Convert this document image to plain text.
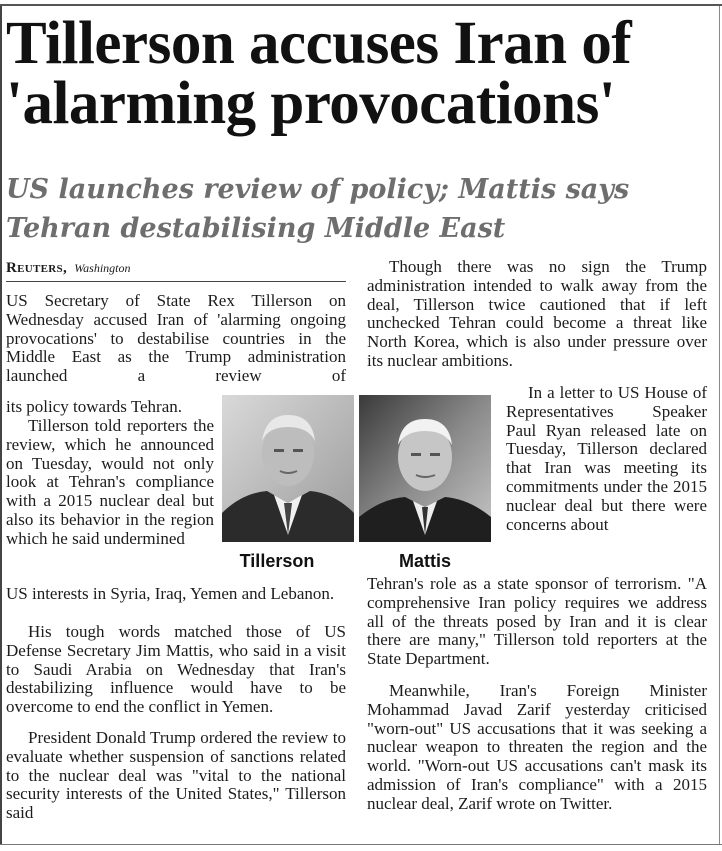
Tillerson accuses Iran of 'alarming provocations'
US launches review of policy; Mattis says Tehran destabilising Middle East
Reuters, Washington

US Secretary of State Rex Tillerson on Wednesday accused Iran of 'alarming ongoing provocations' to destabilise countries in the Middle East as the Trump administration launched a review of

its policy towards Tehran.

Tillerson told reporters the review, which he announced on Tuesday, would not only look at Tehran's compliance with a 2015 nuclear deal but also its behavior in the region which he said undermined

US interests in Syria, Iraq, Yemen and Lebanon.

His tough words matched those of US Defense Secretary Jim Mattis, who said in a visit to Saudi Arabia on Wednesday that Iran's destabilizing influence would have to be overcome to end the conflict in Yemen.

President Donald Trump ordered the review to evaluate whether suspension of sanctions related to the nuclear deal was "vital to the national security interests of the United States," Tillerson said

Though there was no sign the Trump administration intended to walk away from the deal, Tillerson twice cautioned that if left unchecked Tehran could become a threat like North Korea, which is also under pressure over its nuclear ambitions.

In a letter to US House of Representatives Speaker Paul Ryan released late on Tuesday, Tillerson declared that Iran was meeting its commitments under the 2015 nuclear deal but there were concerns about

Tehran's role as a state sponsor of terrorism. "A comprehensive Iran policy requires we address all of the threats posed by Iran and it is clear there are many," Tillerson told reporters at the State Department.

Meanwhile, Iran's Foreign Minister Mohammad Javad Zarif yesterday criticised "worn-out" US accusations that it was seeking a nuclear weapon to threaten the region and the world. "Worn-out US accusations can't mask its admission of Iran's compliance" with a 2015 nuclear deal, Zarif wrote on Twitter.

Tillerson	Mattis
